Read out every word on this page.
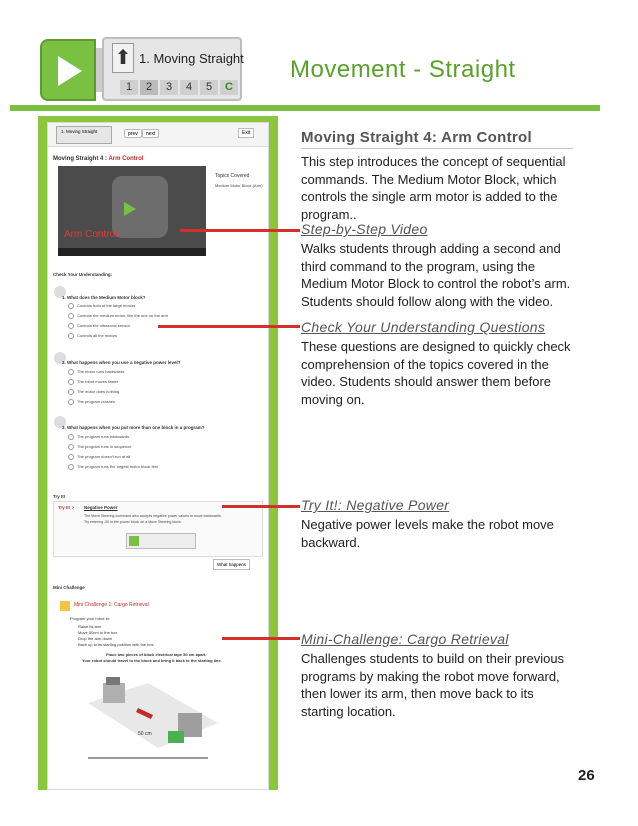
⬆ 1. Moving Straight
1	2	3	4	5	C
Movement - Straight
1. Moving Straight	prev	next	Exit
Moving Straight 4 : Arm Control
Arm Control
Topics Covered
Medium Motor Block (Arm)
Check Your Understanding:
1. What does the Medium Motor block?
Controls both of the large motors
Controls the medium motor, like the one on the arm
Controls the ultrasonic sensor
Controls all the motors
2. What happens when you use a negative power level?
The motor runs backwards
The robot moves faster
The motor does nothing
The program crashes
3. What happens when you put more than one block in a program?
The program runs backwards
The program runs in sequence
The program doesn't run at all
The program runs the largest motor block first
Try It!
Try It! > Negative Power
The Move Steering command also accepts negative power values to move backwards.
Try entering -50 in the power block on a Move Steering block.
What happens
Mini Challenge
Mini Challenge 1: Cargo Retrieval
Program your robot to:
Raise its arm
Move 50cm to the box
Drop the arm down
Back up to its starting position with the box
Place two pieces of black electrical tape 50 cm apart.
Your robot should travel to the block and bring it back to the starting line.
50 cm
Moving Straight 4: Arm Control
This step introduces the concept of sequential commands. The Medium Motor Block, which controls the single arm motor is added to the program..
Step-by-Step Video
Walks students through adding a second and third command to the program, using the Medium Motor Block to control the robot’s arm. Students should follow along with the video.
Check Your Understanding Questions
These questions are designed to quickly check comprehension of the topics covered in the video. Students should answer them before moving on.
Try It!: Negative Power
Negative power levels make the robot move backward.
Mini-Challenge: Cargo Retrieval
Challenges students to build on their previous programs by making the robot move forward, then lower its arm, then move back to its starting location.
26
